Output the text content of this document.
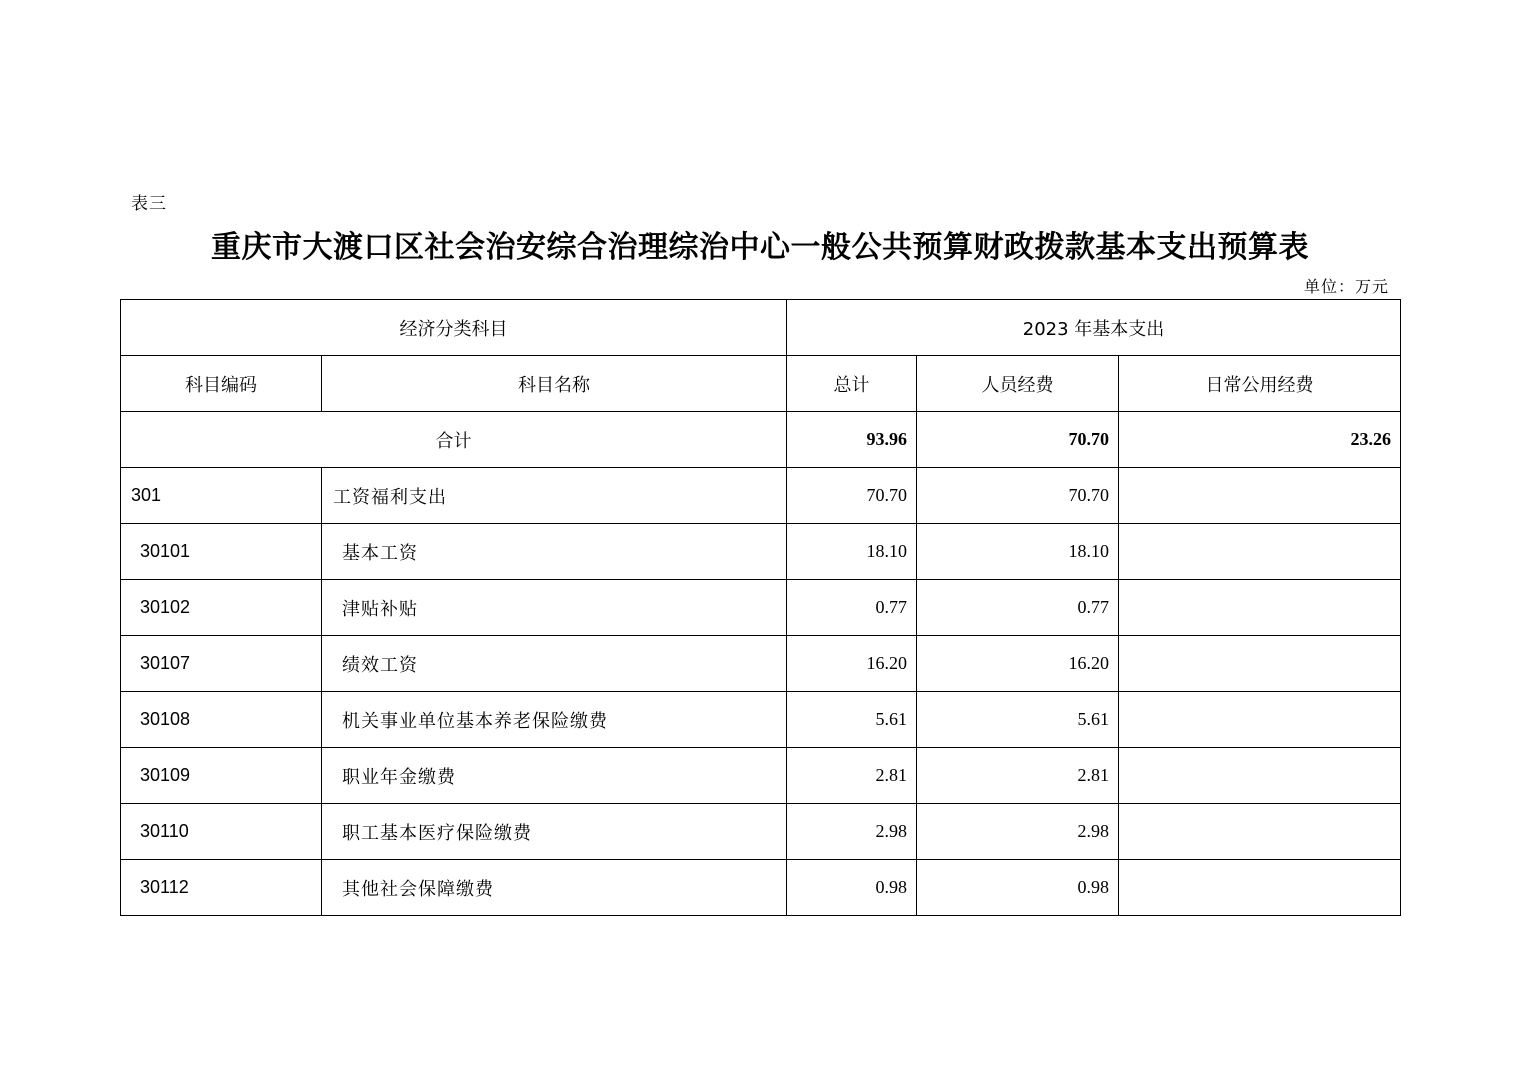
表三
重庆市大渡口区社会治安综合治理综治中心一般公共预算财政拨款基本支出预算表
单位：万元
经济分类科目		2023 年基本支出		
科目编码	科目名称	总计	人员经费	日常公用经费
合计		93.96	70.70	23.26
301	工资福利支出	70.70	70.70	
30101	基本工资	18.10	18.10	
30102	津贴补贴	0.77	0.77	
30107	绩效工资	16.20	16.20	
30108	机关事业单位基本养老保险缴费	5.61	5.61	
30109	职业年金缴费	2.81	2.81	
30110	职工基本医疗保险缴费	2.98	2.98	
30112	其他社会保障缴费	0.98	0.98	
